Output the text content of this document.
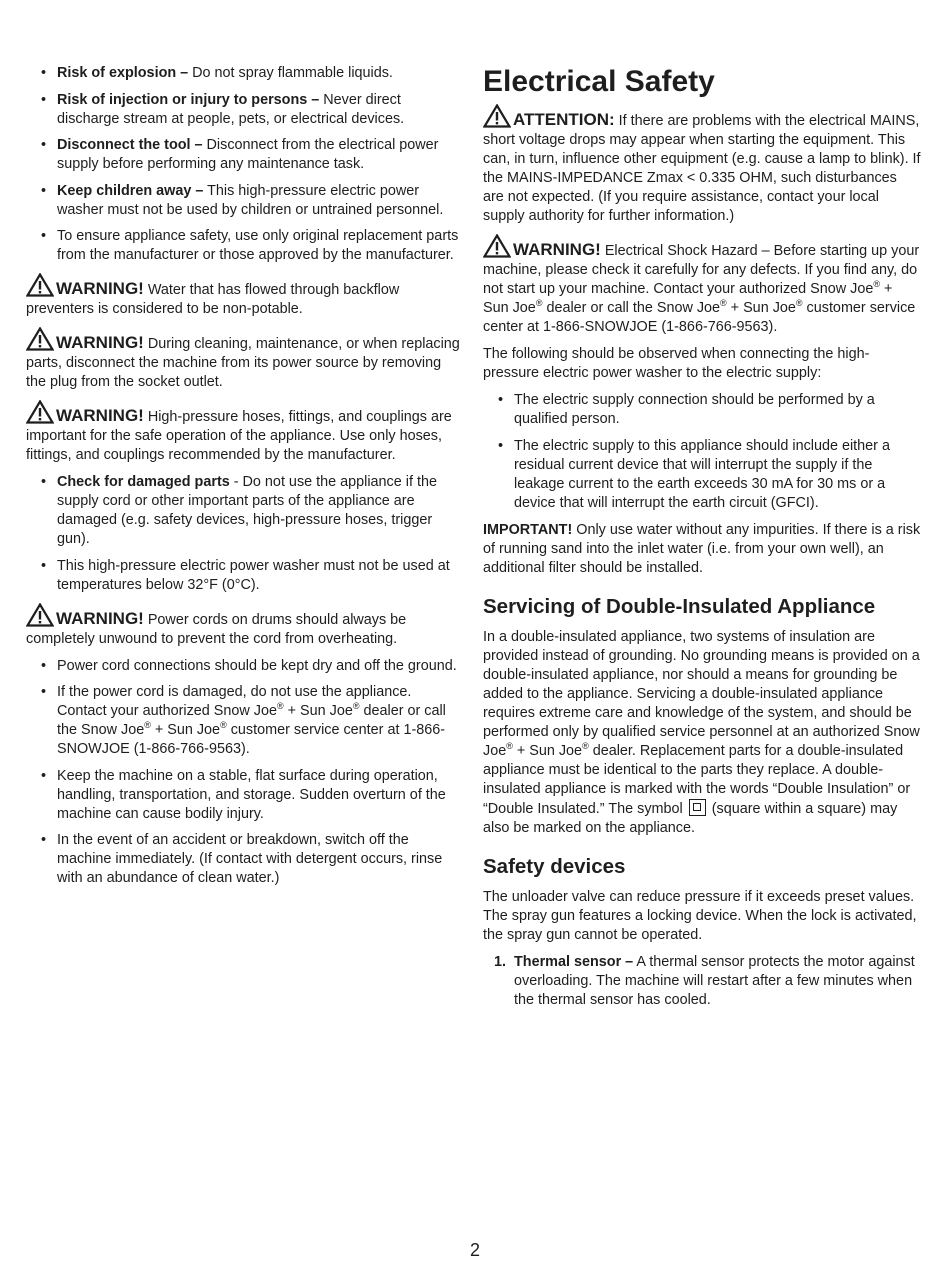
• Risk of explosion – Do not spray flammable liquids.
• Risk of injection or injury to persons – Never direct discharge stream at people, pets, or electrical devices.
• Disconnect the tool – Disconnect from the electrical power supply before performing any maintenance task.
• Keep children away – This high-pressure electric power washer must not be used by children or untrained personnel.
• To ensure appliance safety, use only original replacement parts from the manufacturer or those approved by the manufacturer.

WARNING! Water that has flowed through backflow preventers is considered to be non-potable.

WARNING! During cleaning, maintenance, or when replacing parts, disconnect the machine from its power source by removing the plug from the socket outlet.

WARNING! High-pressure hoses, fittings, and couplings are important for the safe operation of the appliance. Use only hoses, fittings, and couplings recommended by the manufacturer.

• Check for damaged parts - Do not use the appliance if the supply cord or other important parts of the appliance are damaged (e.g. safety devices, high-pressure hoses, trigger gun).
• This high-pressure electric power washer must not be used at temperatures below 32°F (0°C).

WARNING! Power cords on drums should always be completely unwound to prevent the cord from overheating.

• Power cord connections should be kept dry and off the ground.
• If the power cord is damaged, do not use the appliance. Contact your authorized Snow Joe® + Sun Joe® dealer or call the Snow Joe® + Sun Joe® customer service center at 1-866-SNOWJOE (1-866-766-9563).
• Keep the machine on a stable, flat surface during operation, handling, transportation, and storage. Sudden overturn of the machine can cause bodily injury.
• In the event of an accident or breakdown, switch off the machine immediately. (If contact with detergent occurs, rinse with an abundance of clean water.)
Electrical Safety

ATTENTION: If there are problems with the electrical MAINS, short voltage drops may appear when starting the equipment. This can, in turn, influence other equipment (e.g. cause a lamp to blink). If the MAINS-IMPEDANCE Zmax < 0.335 OHM, such disturbances are not expected. (If you require assistance, contact your local supply authority for further information.)

WARNING! Electrical Shock Hazard – Before starting up your machine, please check it carefully for any defects. If you find any, do not start up your machine. Contact your authorized Snow Joe® + Sun Joe® dealer or call the Snow Joe® + Sun Joe® customer service center at 1-866-SNOWJOE (1-866-766-9563).

The following should be observed when connecting the high-pressure electric power washer to the electric supply:

• The electric supply connection should be performed by a qualified person.
• The electric supply to this appliance should include either a residual current device that will interrupt the supply if the leakage current to the earth exceeds 30 mA for 30 ms or a device that will interrupt the earth circuit (GFCI).

IMPORTANT! Only use water without any impurities. If there is a risk of running sand into the inlet water (i.e. from your own well), an additional filter should be installed.

Servicing of Double-Insulated Appliance

In a double-insulated appliance, two systems of insulation are provided instead of grounding. No grounding means is provided on a double-insulated appliance, nor should a means for grounding be added to the appliance. Servicing a double-insulated appliance requires extreme care and knowledge of the system, and should be performed only by qualified service personnel at an authorized Snow Joe® + Sun Joe® dealer. Replacement parts for a double-insulated appliance must be identical to the parts they replace. A double-insulated appliance is marked with the words “Double Insulation” or “Double Insulated.” The symbol  (square within a square) may also be marked on the appliance.

Safety devices

The unloader valve can reduce pressure if it exceeds preset values. The spray gun features a locking device. When the lock is activated, the spray gun cannot be operated.

1. Thermal sensor – A thermal sensor protects the motor against overloading. The machine will restart after a few minutes when the thermal sensor has cooled.
2
